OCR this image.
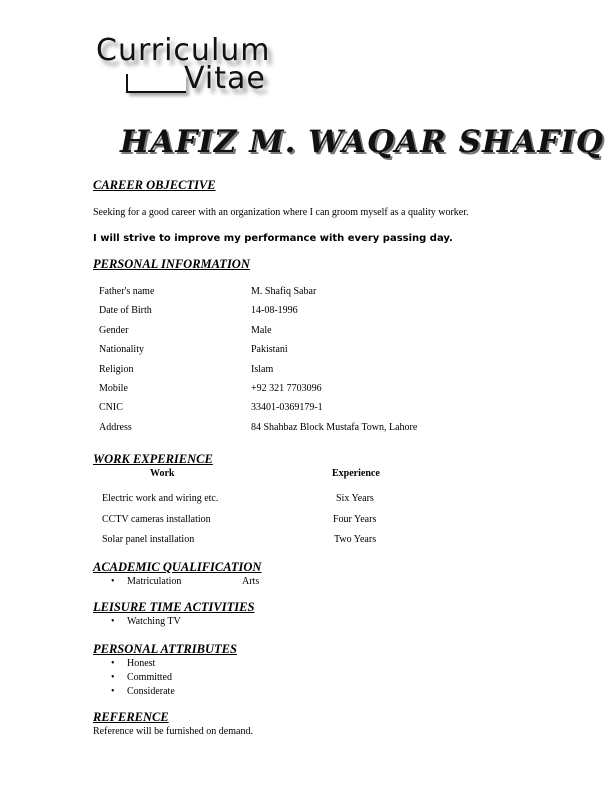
Curriculum
Vitae
HAFIZ M. WAQAR SHAFIQ
CAREER OBJECTIVE
Seeking for a good career with an organization where I can groom myself as a quality worker.
I will strive to improve my performance with every passing day.
PERSONAL INFORMATION
Father's name	M. Shafiq Sabar
Date of Birth	14-08-1996
Gender	Male
Nationality	Pakistani
Religion	Islam
Mobile	+92 321 7703096
CNIC	33401-0369179-1
Address	84 Shahbaz Block Mustafa Town, Lahore
WORK EXPERIENCE
Work	Experience
Electric work and wiring etc.	Six Years
CCTV cameras installation	Four Years
Solar panel installation	Two Years
ACADEMIC QUALIFICATION
• Matriculation	Arts
LEISURE TIME ACTIVITIES
• Watching TV
PERSONAL ATTRIBUTES
• Honest
• Committed
• Considerate
REFERENCE
Reference will be furnished on demand.
